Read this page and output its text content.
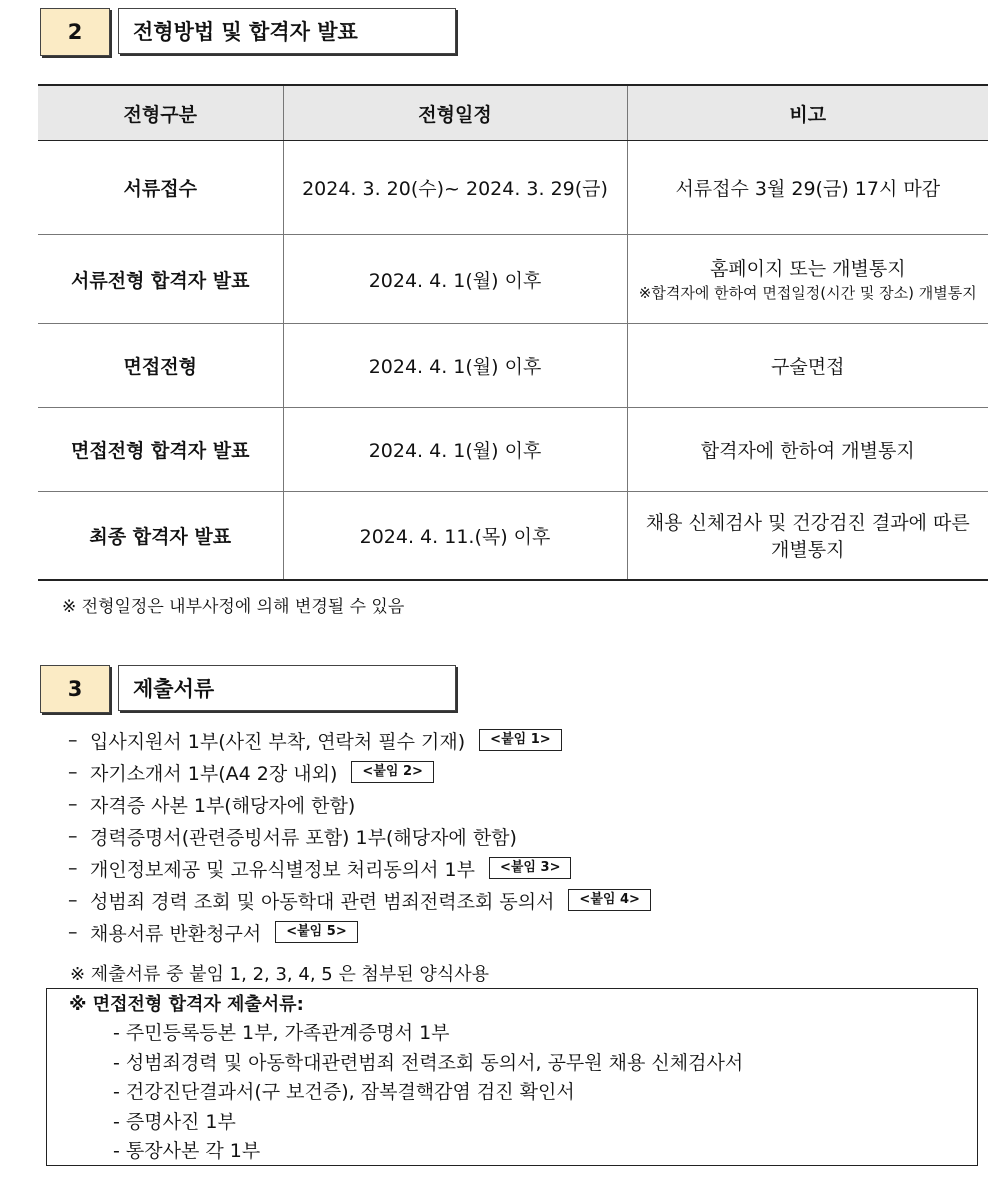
2	전형방법 및 합격자 발표
전형구분	전형일정	비고
서류접수	2024. 3. 20(수)~ 2024. 3. 29(금)	서류접수 3월 29(금) 17시 마감
서류전형 합격자 발표	2024. 4. 1(월) 이후	홈페이지 또는 개별통지
※합격자에 한하여 면접일정(시간 및 장소) 개별통지

면접전형	2024. 4. 1(월) 이후	구술면접
면접전형 합격자 발표	2024. 4. 1(월) 이후	합격자에 한하여 개별통지
최종 합격자 발표	2024. 4. 11.(목) 이후	채용 신체검사 및 건강검진 결과에 따른 개별통지
※ 전형일정은 내부사정에 의해 변경될 수 있음
3	제출서류
– 입사지원서 1부(사진 부착, 연락처 필수 기재)	<붙임 1>
– 자기소개서 1부(A4 2장 내외)	<붙임 2>
– 자격증 사본 1부(해당자에 한함)
– 경력증명서(관련증빙서류 포함) 1부(해당자에 한함)
– 개인정보제공 및 고유식별정보 처리동의서 1부	<붙임 3>
– 성범죄 경력 조회 및 아동학대 관련 범죄전력조회 동의서	<붙임 4>
– 채용서류 반환청구서	<붙임 5>
※ 제출서류 중 붙임 1, 2, 3, 4, 5 은 첨부된 양식사용
※ 면접전형 합격자 제출서류:
- 주민등록등본 1부, 가족관계증명서 1부
- 성범죄경력 및 아동학대관련범죄 전력조회 동의서, 공무원 채용 신체검사서
- 건강진단결과서(구 보건증), 잠복결핵감염 검진 확인서
- 증명사진 1부
- 통장사본 각 1부
